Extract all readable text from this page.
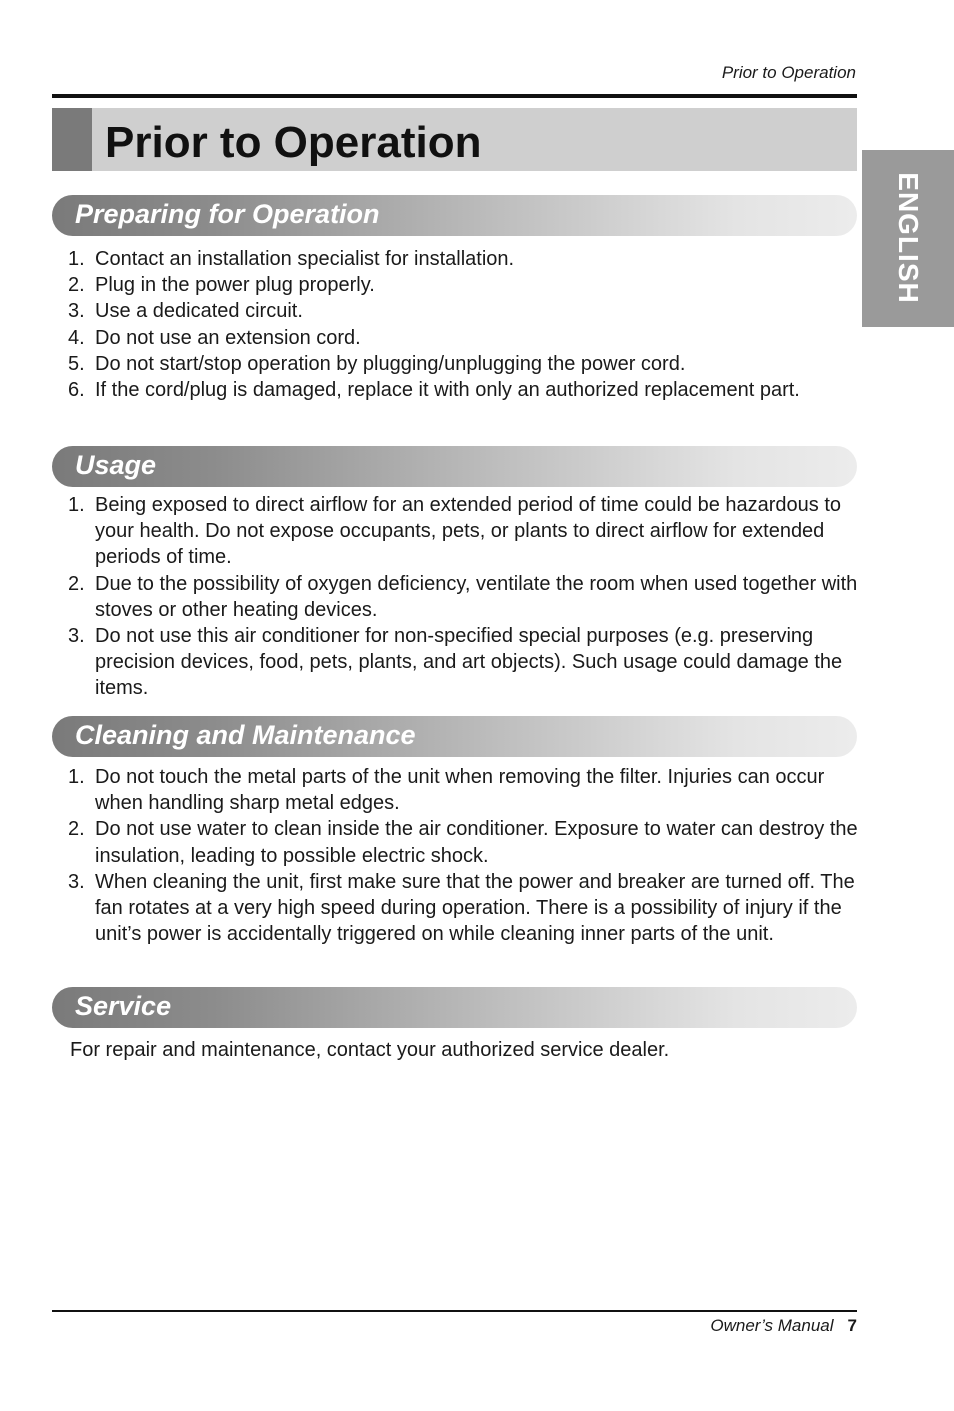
Prior to Operation
Prior to Operation
ENGLISH
Preparing for Operation
1. Contact an installation specialist for installation.
2. Plug in the power plug properly.
3. Use a dedicated circuit.
4. Do not use an extension cord.
5. Do not start/stop operation by plugging/unplugging the power cord.
6. If the cord/plug is damaged, replace it with only an authorized replacement part.
Usage
1. Being exposed to direct airflow for an extended period of time could be hazardous to your health. Do not expose occupants, pets, or plants to direct airflow for extended periods of time.
2. Due to the possibility of oxygen deficiency, ventilate the room when used together with stoves or other heating devices.
3. Do not use this air conditioner for non-specified special purposes (e.g. preserving precision devices, food, pets, plants, and art objects). Such usage could damage the items.
Cleaning and Maintenance
1. Do not touch the metal parts of the unit when removing the filter. Injuries can occur when handling sharp metal edges.
2. Do not use water to clean inside the air conditioner. Exposure to water can destroy the insulation, leading to possible electric shock.
3. When cleaning the unit, first make sure that the power and breaker are turned off. The fan rotates at a very high speed during operation. There is a possibility of injury if the unit’s power is accidentally triggered on while cleaning inner parts of the unit.
Service

For repair and maintenance, contact your authorized service dealer.

Owner’s Manual 7
